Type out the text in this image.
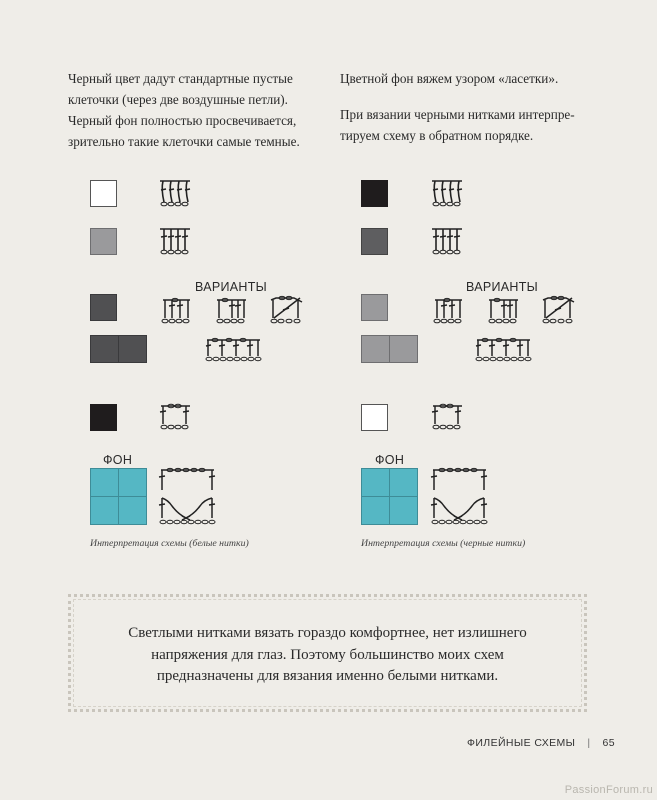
Черный цвет дадут стандартные пустые
клеточки (через две воздушные петли).
Черный фон полностью просвечивается,
зрительно такие клеточки самые темные.

Цветной фон вяжем узором «ласетки».

При вязании черными нитками интерпре-
тируем схему в обратном порядке.

ВАРИАНТЫ
ФОН
Интерпретация схемы (белые нитки)
ВАРИАНТЫ
ФОН
Интерпретация схемы (черные нитки)

Светлыми нитками вязать гораздо комфортнее, нет излишнего
напряжения для глаз. Поэтому большинство моих схем
предназначены для вязания именно белыми нитками.

ФИЛЕЙНЫЕ СХЕМЫ | 65
PassionForum.ru
